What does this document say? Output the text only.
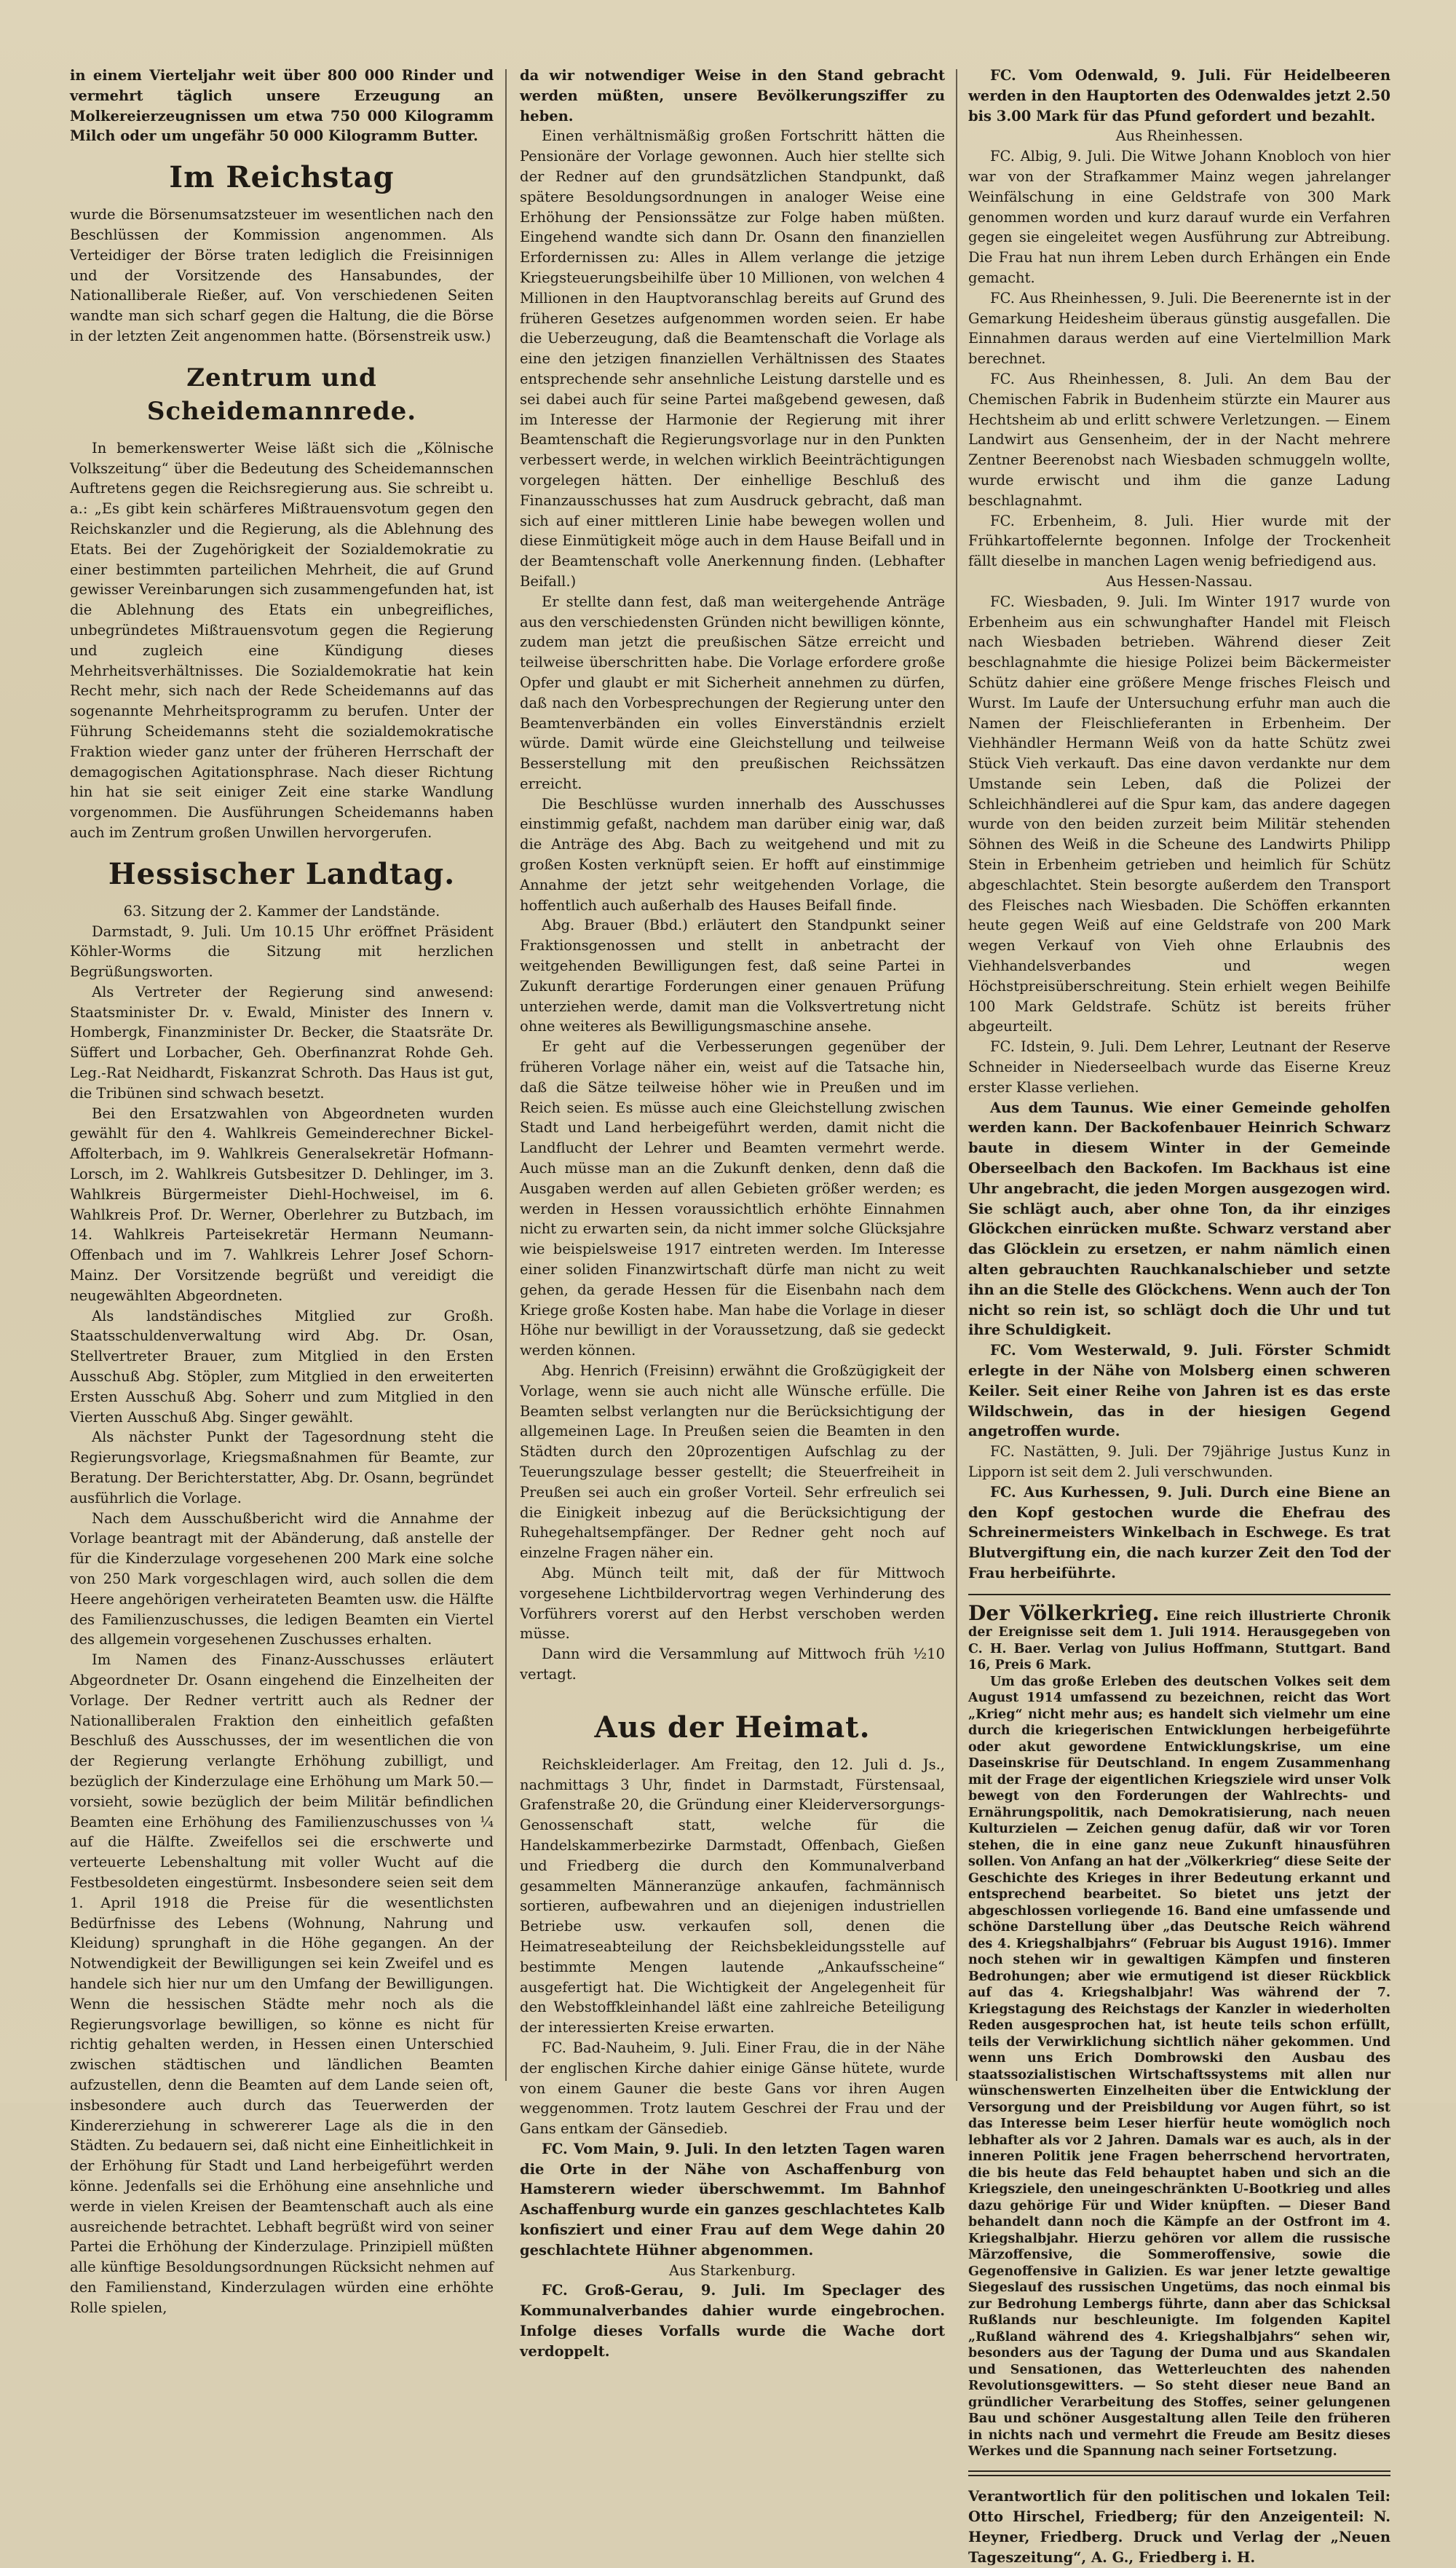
in einem Vierteljahr weit über 800 000 Rinder und vermehrt täglich unsere Erzeugung an Molkereierzeugnissen um etwa 750 000 Kilogramm Milch oder um ungefähr 50 000 Kilogramm Butter.

Im Reichstag

wurde die Börsenumsatzsteuer im wesentlichen nach den Beschlüssen der Kommission angenommen. Als Verteidiger der Börse traten lediglich die Freisinnigen und der Vorsitzende des Hansabundes, der Nationalliberale Rießer, auf. Von verschiedenen Seiten wandte man sich scharf gegen die Haltung, die die Börse in der letzten Zeit angenommen hatte. (Börsenstreik usw.)

Zentrum und Scheidemannrede.

In bemerkenswerter Weise läßt sich die „Kölnische Volkszeitung“ über die Bedeutung des Scheidemannschen Auftretens gegen die Reichsregierung aus. Sie schreibt u. a.: „Es gibt kein schärferes Mißtrauensvotum gegen den Reichskanzler und die Regierung, als die Ablehnung des Etats. Bei der Zugehörigkeit der Sozialdemokratie zu einer bestimmten parteilichen Mehrheit, die auf Grund gewisser Vereinbarungen sich zusammengefunden hat, ist die Ablehnung des Etats ein unbegreifliches, unbegründetes Mißtrauensvotum gegen die Regierung und zugleich eine Kündigung dieses Mehrheitsverhältnisses. Die Sozialdemokratie hat kein Recht mehr, sich nach der Rede Scheidemanns auf das sogenannte Mehrheitsprogramm zu berufen. Unter der Führung Scheidemanns steht die sozialdemokratische Fraktion wieder ganz unter der früheren Herrschaft der demagogischen Agitationsphrase. Nach dieser Richtung hin hat sie seit einiger Zeit eine starke Wandlung vorgenommen. Die Ausführungen Scheidemanns haben auch im Zentrum großen Unwillen hervorgerufen.

Hessischer Landtag.

63. Sitzung der 2. Kammer der Landstände.

Darmstadt, 9. Juli. Um 10.15 Uhr eröffnet Präsident Köhler-Worms die Sitzung mit herzlichen Begrüßungsworten.

Als Vertreter der Regierung sind anwesend: Staatsminister Dr. v. Ewald, Minister des Innern v. Hombergk, Finanzminister Dr. Becker, die Staatsräte Dr. Süffert und Lorbacher, Geh. Oberfinanzrat Rohde Geh. Leg.-Rat Neidhardt, Fiskanzrat Schroth. Das Haus ist gut, die Tribünen sind schwach besetzt.

Bei den Ersatzwahlen von Abgeordneten wurden gewählt für den 4. Wahlkreis Gemeinderechner Bickel-Affolterbach, im 9. Wahlkreis Generalsekretär Hofmann-Lorsch, im 2. Wahlkreis Gutsbesitzer D. Dehlinger, im 3. Wahlkreis Bürgermeister Diehl-Hochweisel, im 6. Wahlkreis Prof. Dr. Werner, Oberlehrer zu Butzbach, im 14. Wahlkreis Parteisekretär Hermann Neumann-Offenbach und im 7. Wahlkreis Lehrer Josef Schorn-Mainz. Der Vorsitzende begrüßt und vereidigt die neugewählten Abgeordneten.

Als landständisches Mitglied zur Großh. Staatsschuldenverwaltung wird Abg. Dr. Osan, Stellvertreter Brauer, zum Mitglied in den Ersten Ausschuß Abg. Stöpler, zum Mitglied in den erweiterten Ersten Ausschuß Abg. Soherr und zum Mitglied in den Vierten Ausschuß Abg. Singer gewählt.

Als nächster Punkt der Tagesordnung steht die Regierungsvorlage, Kriegsmaßnahmen für Beamte, zur Beratung. Der Berichterstatter, Abg. Dr. Osann, begründet ausführlich die Vorlage.

Nach dem Ausschußbericht wird die Annahme der Vorlage beantragt mit der Abänderung, daß anstelle der für die Kinderzulage vorgesehenen 200 Mark eine solche von 250 Mark vorgeschlagen wird, auch sollen die dem Heere angehörigen verheirateten Beamten usw. die Hälfte des Familienzuschusses, die ledigen Beamten ein Viertel des allgemein vorgesehenen Zuschusses erhalten.

Im Namen des Finanz-Ausschusses erläutert Abgeordneter Dr. Osann eingehend die Einzelheiten der Vorlage. Der Redner vertritt auch als Redner der Nationalliberalen Fraktion den einheitlich gefaßten Beschluß des Ausschusses, der im wesentlichen die von der Regierung verlangte Erhöhung zubilligt, und bezüglich der Kinderzulage eine Erhöhung um Mark 50.— vorsieht, sowie bezüglich der beim Militär befindlichen Beamten eine Erhöhung des Familienzuschusses von ¼ auf die Hälfte. Zweifellos sei die erschwerte und verteuerte Lebenshaltung mit voller Wucht auf die Festbesoldeten eingestürmt. Insbesondere seien seit dem 1. April 1918 die Preise für die wesentlichsten Bedürfnisse des Lebens (Wohnung, Nahrung und Kleidung) sprunghaft in die Höhe gegangen. An der Notwendigkeit der Bewilligungen sei kein Zweifel und es handele sich hier nur um den Umfang der Bewilligungen. Wenn die hessischen Städte mehr noch als die Regierungsvorlage bewilligen, so könne es nicht für richtig gehalten werden, in Hessen einen Unterschied zwischen städtischen und ländlichen Beamten aufzustellen, denn die Beamten auf dem Lande seien oft, insbesondere auch durch das Teuerwerden der Kindererziehung in schwererer Lage als die in den Städten. Zu bedauern sei, daß nicht eine Einheitlichkeit in der Erhöhung für Stadt und Land herbeigeführt werden könne. Jedenfalls sei die Erhöhung eine ansehnliche und werde in vielen Kreisen der Beamtenschaft auch als eine ausreichende betrachtet. Lebhaft begrüßt wird von seiner Partei die Erhöhung der Kinderzulage. Prinzipiell müßten alle künftige Besoldungsordnungen Rücksicht nehmen auf den Familienstand, Kinderzulagen würden eine erhöhte Rolle spielen,

da wir notwendiger Weise in den Stand gebracht werden müßten, unsere Bevölkerungsziffer zu heben.

Einen verhältnismäßig großen Fortschritt hätten die Pensionäre der Vorlage gewonnen. Auch hier stellte sich der Redner auf den grundsätzlichen Standpunkt, daß spätere Besoldungsordnungen in analoger Weise eine Erhöhung der Pensionssätze zur Folge haben müßten. Eingehend wandte sich dann Dr. Osann den finanziellen Erfordernissen zu: Alles in Allem verlange die jetzige Kriegsteuerungsbeihilfe über 10 Millionen, von welchen 4 Millionen in den Hauptvoranschlag bereits auf Grund des früheren Gesetzes aufgenommen worden seien. Er habe die Ueberzeugung, daß die Beamtenschaft die Vorlage als eine den jetzigen finanziellen Verhältnissen des Staates entsprechende sehr ansehnliche Leistung darstelle und es sei dabei auch für seine Partei maßgebend gewesen, daß im Interesse der Harmonie der Regierung mit ihrer Beamtenschaft die Regierungsvorlage nur in den Punkten verbessert werde, in welchen wirklich Beeinträchtigungen vorgelegen hätten. Der einhellige Beschluß des Finanzausschusses hat zum Ausdruck gebracht, daß man sich auf einer mittleren Linie habe bewegen wollen und diese Einmütigkeit möge auch in dem Hause Beifall und in der Beamtenschaft volle Anerkennung finden. (Lebhafter Beifall.)

Er stellte dann fest, daß man weitergehende Anträge aus den verschiedensten Gründen nicht bewilligen könnte, zudem man jetzt die preußischen Sätze erreicht und teilweise überschritten habe. Die Vorlage erfordere große Opfer und glaubt er mit Sicherheit annehmen zu dürfen, daß nach den Vorbesprechungen der Regierung unter den Beamtenverbänden ein volles Einverständnis erzielt würde. Damit würde eine Gleichstellung und teilweise Besserstellung mit den preußischen Reichssätzen erreicht.

Die Beschlüsse wurden innerhalb des Ausschusses einstimmig gefaßt, nachdem man darüber einig war, daß die Anträge des Abg. Bach zu weitgehend und mit zu großen Kosten verknüpft seien. Er hofft auf einstimmige Annahme der jetzt sehr weitgehenden Vorlage, die hoffentlich auch außerhalb des Hauses Beifall finde.

Abg. Brauer (Bbd.) erläutert den Standpunkt seiner Fraktionsgenossen und stellt in anbetracht der weitgehenden Bewilligungen fest, daß seine Partei in Zukunft derartige Forderungen einer genauen Prüfung unterziehen werde, damit man die Volksvertretung nicht ohne weiteres als Bewilligungsmaschine ansehe.

Er geht auf die Verbesserungen gegenüber der früheren Vorlage näher ein, weist auf die Tatsache hin, daß die Sätze teilweise höher wie in Preußen und im Reich seien. Es müsse auch eine Gleichstellung zwischen Stadt und Land herbeigeführt werden, damit nicht die Landflucht der Lehrer und Beamten vermehrt werde. Auch müsse man an die Zukunft denken, denn daß die Ausgaben werden auf allen Gebieten größer werden; es werden in Hessen voraussichtlich erhöhte Einnahmen nicht zu erwarten sein, da nicht immer solche Glücksjahre wie beispielsweise 1917 eintreten werden. Im Interesse einer soliden Finanzwirtschaft dürfe man nicht zu weit gehen, da gerade Hessen für die Eisenbahn nach dem Kriege große Kosten habe. Man habe die Vorlage in dieser Höhe nur bewilligt in der Voraussetzung, daß sie gedeckt werden können.

Abg. Henrich (Freisinn) erwähnt die Großzügigkeit der Vorlage, wenn sie auch nicht alle Wünsche erfülle. Die Beamten selbst verlangten nur die Berücksichtigung der allgemeinen Lage. In Preußen seien die Beamten in den Städten durch den 20prozentigen Aufschlag zu der Teuerungszulage besser gestellt; die Steuerfreiheit in Preußen sei auch ein großer Vorteil. Sehr erfreulich sei die Einigkeit inbezug auf die Berücksichtigung der Ruhegehaltsempfänger. Der Redner geht noch auf einzelne Fragen näher ein.

Abg. Münch teilt mit, daß der für Mittwoch vorgesehene Lichtbildervortrag wegen Verhinderung des Vorführers vorerst auf den Herbst verschoben werden müsse.

Dann wird die Versammlung auf Mittwoch früh ½10 vertagt.

Aus der Heimat.

Reichskleiderlager. Am Freitag, den 12. Juli d. Js., nachmittags 3 Uhr, findet in Darmstadt, Fürstensaal, Grafenstraße 20, die Gründung einer Kleiderversorgungs-Genossenschaft statt, welche für die Handelskammerbezirke Darmstadt, Offenbach, Gießen und Friedberg die durch den Kommunalverband gesammelten Männeranzüge ankaufen, fachmännisch sortieren, aufbewahren und an diejenigen industriellen Betriebe usw. verkaufen soll, denen die Heimatreseabteilung der Reichsbekleidungsstelle auf bestimmte Mengen lautende „Ankaufsscheine“ ausgefertigt hat. Die Wichtigkeit der Angelegenheit für den Webstoffkleinhandel läßt eine zahlreiche Beteiligung der interessierten Kreise erwarten.

FC. Bad-Nauheim, 9. Juli. Einer Frau, die in der Nähe der englischen Kirche dahier einige Gänse hütete, wurde von einem Gauner die beste Gans vor ihren Augen weggenommen. Trotz lautem Geschrei der Frau und der Gans entkam der Gänsedieb.

FC. Vom Main, 9. Juli. In den letzten Tagen waren die Orte in der Nähe von Aschaffenburg von Hamsterern wieder überschwemmt. Im Bahnhof Aschaffenburg wurde ein ganzes geschlachtetes Kalb konfisziert und einer Frau auf dem Wege dahin 20 geschlachtete Hühner abgenommen.

Aus Starkenburg.

FC. Groß-Gerau, 9. Juli. Im Speclager des Kommunalverbandes dahier wurde eingebrochen. Infolge dieses Vorfalls wurde die Wache dort verdoppelt.

FC. Vom Odenwald, 9. Juli. Für Heidelbeeren werden in den Hauptorten des Odenwaldes jetzt 2.50 bis 3.00 Mark für das Pfund gefordert und bezahlt.

Aus Rheinhessen.

FC. Albig, 9. Juli. Die Witwe Johann Knobloch von hier war von der Strafkammer Mainz wegen jahrelanger Weinfälschung in eine Geldstrafe von 300 Mark genommen worden und kurz darauf wurde ein Verfahren gegen sie eingeleitet wegen Ausführung zur Abtreibung. Die Frau hat nun ihrem Leben durch Erhängen ein Ende gemacht.

FC. Aus Rheinhessen, 9. Juli. Die Beerenernte ist in der Gemarkung Heidesheim überaus günstig ausgefallen. Die Einnahmen daraus werden auf eine Viertelmillion Mark berechnet.

FC. Aus Rheinhessen, 8. Juli. An dem Bau der Chemischen Fabrik in Budenheim stürzte ein Maurer aus Hechtsheim ab und erlitt schwere Verletzungen. — Einem Landwirt aus Gensenheim, der in der Nacht mehrere Zentner Beerenobst nach Wiesbaden schmuggeln wollte, wurde erwischt und ihm die ganze Ladung beschlagnahmt.

FC. Erbenheim, 8. Juli. Hier wurde mit der Frühkartoffelernte begonnen. Infolge der Trockenheit fällt dieselbe in manchen Lagen wenig befriedigend aus.

Aus Hessen-Nassau.

FC. Wiesbaden, 9. Juli. Im Winter 1917 wurde von Erbenheim aus ein schwunghafter Handel mit Fleisch nach Wiesbaden betrieben. Während dieser Zeit beschlagnahmte die hiesige Polizei beim Bäckermeister Schütz dahier eine größere Menge frisches Fleisch und Wurst. Im Laufe der Untersuchung erfuhr man auch die Namen der Fleischlieferanten in Erbenheim. Der Viehhändler Hermann Weiß von da hatte Schütz zwei Stück Vieh verkauft. Das eine davon verdankte nur dem Umstande sein Leben, daß die Polizei der Schleichhändlerei auf die Spur kam, das andere dagegen wurde von den beiden zurzeit beim Militär stehenden Söhnen des Weiß in die Scheune des Landwirts Philipp Stein in Erbenheim getrieben und heimlich für Schütz abgeschlachtet. Stein besorgte außerdem den Transport des Fleisches nach Wiesbaden. Die Schöffen erkannten heute gegen Weiß auf eine Geldstrafe von 200 Mark wegen Verkauf von Vieh ohne Erlaubnis des Viehhandelsverbandes und wegen Höchstpreisüberschreitung. Stein erhielt wegen Beihilfe 100 Mark Geldstrafe. Schütz ist bereits früher abgeurteilt.

FC. Idstein, 9. Juli. Dem Lehrer, Leutnant der Reserve Schneider in Niederseelbach wurde das Eiserne Kreuz erster Klasse verliehen.

Aus dem Taunus. Wie einer Gemeinde geholfen werden kann. Der Backofenbauer Heinrich Schwarz baute in diesem Winter in der Gemeinde Oberseelbach den Backofen. Im Backhaus ist eine Uhr angebracht, die jeden Morgen ausgezogen wird. Sie schlägt auch, aber ohne Ton, da ihr einziges Glöckchen einrücken mußte. Schwarz verstand aber das Glöcklein zu ersetzen, er nahm nämlich einen alten gebrauchten Rauchkanalschieber und setzte ihn an die Stelle des Glöckchens. Wenn auch der Ton nicht so rein ist, so schlägt doch die Uhr und tut ihre Schuldigkeit.

FC. Vom Westerwald, 9. Juli. Förster Schmidt erlegte in der Nähe von Molsberg einen schweren Keiler. Seit einer Reihe von Jahren ist es das erste Wildschwein, das in der hiesigen Gegend angetroffen wurde.

FC. Nastätten, 9. Juli. Der 79jährige Justus Kunz in Lipporn ist seit dem 2. Juli verschwunden.

FC. Aus Kurhessen, 9. Juli. Durch eine Biene an den Kopf gestochen wurde die Ehefrau des Schreinermeisters Winkelbach in Eschwege. Es trat Blutvergiftung ein, die nach kurzer Zeit den Tod der Frau herbeiführte.

Der Völkerkrieg. Eine reich illustrierte Chronik der Ereignisse seit dem 1. Juli 1914. Herausgegeben von C. H. Baer. Verlag von Julius Hoffmann, Stuttgart. Band 16, Preis 6 Mark.

Um das große Erleben des deutschen Volkes seit dem August 1914 umfassend zu bezeichnen, reicht das Wort „Krieg“ nicht mehr aus; es handelt sich vielmehr um eine durch die kriegerischen Entwicklungen herbeigeführte oder akut gewordene Entwicklungskrise, um eine Daseinskrise für Deutschland. In engem Zusammenhang mit der Frage der eigentlichen Kriegsziele wird unser Volk bewegt von den Forderungen der Wahlrechts- und Ernährungspolitik, nach Demokratisierung, nach neuen Kulturzielen — Zeichen genug dafür, daß wir vor Toren stehen, die in eine ganz neue Zukunft hinausführen sollen. Von Anfang an hat der „Völkerkrieg“ diese Seite der Geschichte des Krieges in ihrer Bedeutung erkannt und entsprechend bearbeitet. So bietet uns jetzt der abgeschlossen vorliegende 16. Band eine umfassende und schöne Darstellung über „das Deutsche Reich während des 4. Kriegshalbjahrs“ (Februar bis August 1916). Immer noch stehen wir in gewaltigen Kämpfen und finsteren Bedrohungen; aber wie ermutigend ist dieser Rückblick auf das 4. Kriegshalbjahr! Was während der 7. Kriegstagung des Reichstags der Kanzler in wiederholten Reden ausgesprochen hat, ist heute teils schon erfüllt, teils der Verwirklichung sichtlich näher gekommen. Und wenn uns Erich Dombrowski den Ausbau des staatssozialistischen Wirtschaftssystems mit allen nur wünschenswerten Einzelheiten über die Entwicklung der Versorgung und der Preisbildung vor Augen führt, so ist das Interesse beim Leser hierfür heute womöglich noch lebhafter als vor 2 Jahren. Damals war es auch, als in der inneren Politik jene Fragen beherrschend hervortraten, die bis heute das Feld behauptet haben und sich an die Kriegsziele, den uneingeschränkten U-Bootkrieg und alles dazu gehörige Für und Wider knüpften. — Dieser Band behandelt dann noch die Kämpfe an der Ostfront im 4. Kriegshalbjahr. Hierzu gehören vor allem die russische Märzoffensive, die Sommeroffensive, sowie die Gegenoffensive in Galizien. Es war jener letzte gewaltige Siegeslauf des russischen Ungetüms, das noch einmal bis zur Bedrohung Lembergs führte, dann aber das Schicksal Rußlands nur beschleunigte. Im folgenden Kapitel „Rußland während des 4. Kriegshalbjahrs“ sehen wir, besonders aus der Tagung der Duma und aus Skandalen und Sensationen, das Wetterleuchten des nahenden Revolutionsgewitters. — So steht dieser neue Band an gründlicher Verarbeitung des Stoffes, seiner gelungenen Bau und schöner Ausgestaltung allen Teile den früheren in nichts nach und vermehrt die Freude am Besitz dieses Werkes und die Spannung nach seiner Fortsetzung.

Verantwortlich für den politischen und lokalen Teil: Otto Hirschel, Friedberg; für den Anzeigenteil: N. Heyner, Friedberg. Druck und Verlag der „Neuen Tageszeitung“, A. G., Friedberg i. H.
